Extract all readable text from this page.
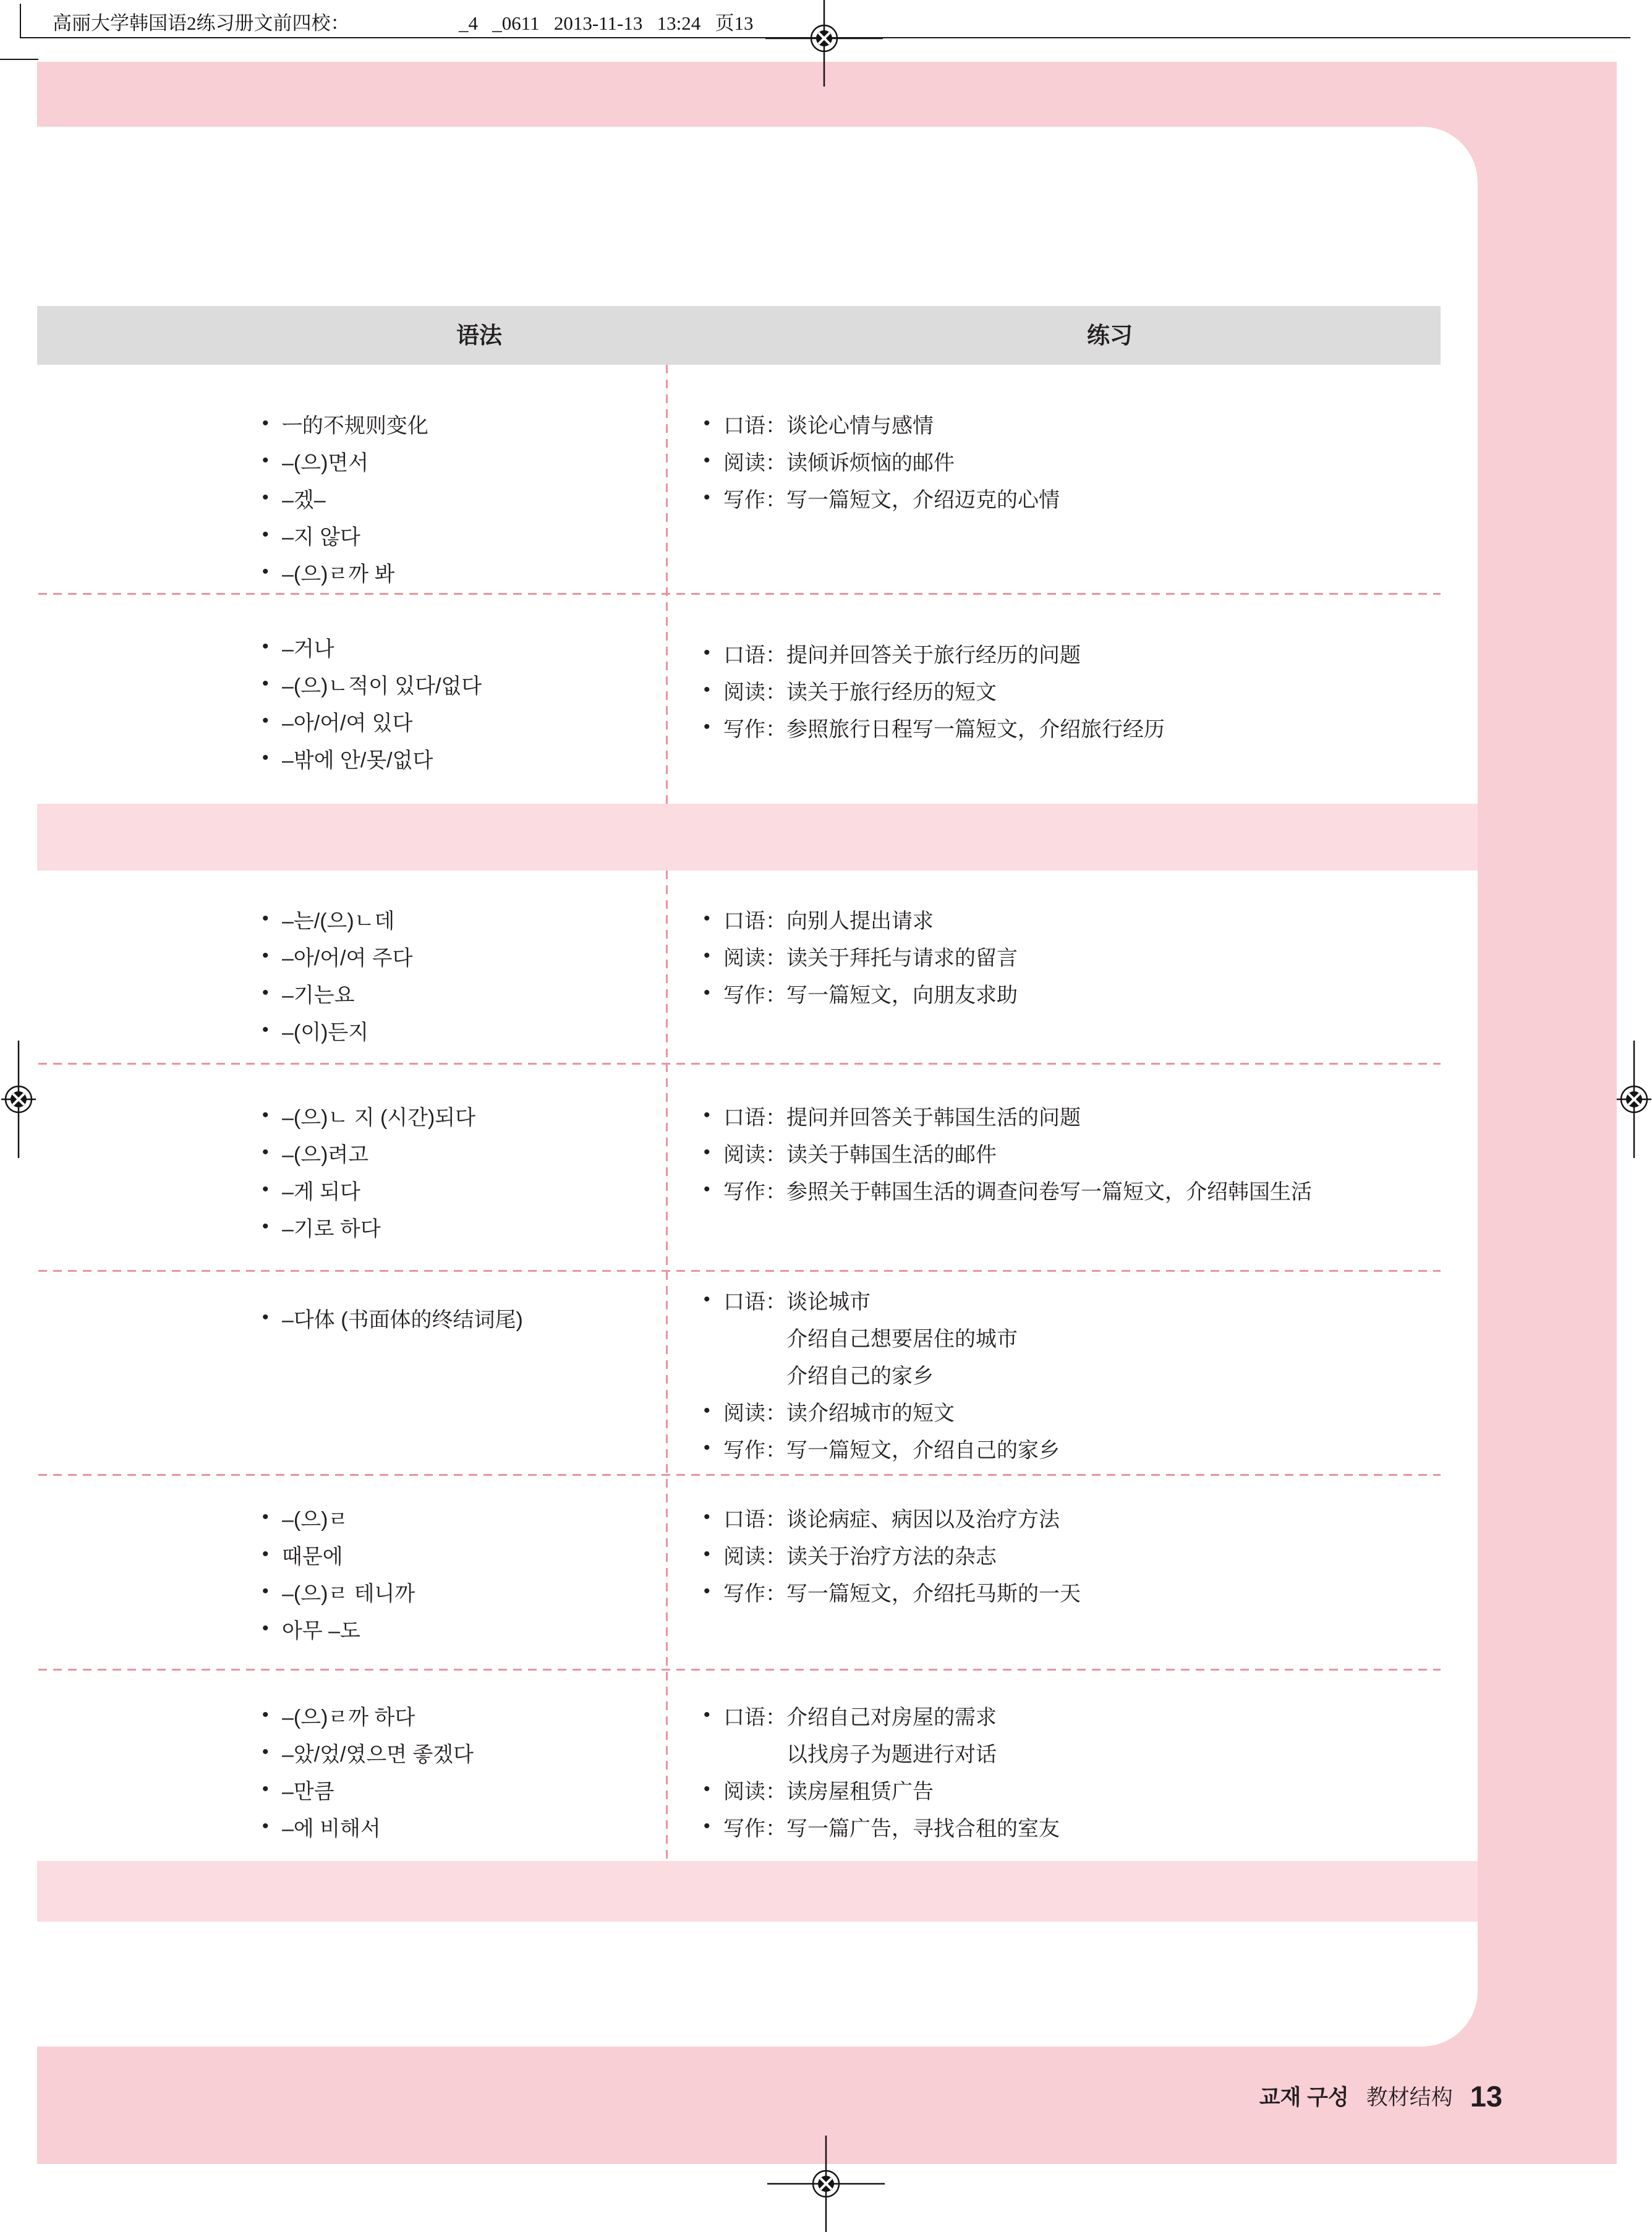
高丽大学韩国语2练习册文前四校：	_4   _0611   2013-11-13   13:24   页13
语法	练习
• ㅡ的不规则变化
• –(으)면서
• –겠–
• –지 않다
• –(으)ㄹ까 봐
• 口语：谈论心情与感情
• 阅读：读倾诉烦恼的邮件
• 写作：写一篇短文，介绍迈克的心情
• –거나
• –(으)ㄴ적이 있다/없다
• –아/어/여 있다
• –밖에 안/못/없다
• 口语：提问并回答关于旅行经历的问题
• 阅读：读关于旅行经历的短文
• 写作：参照旅行日程写一篇短文，介绍旅行经历
• –는/(으)ㄴ데
• –아/어/여 주다
• –기는요
• –(이)든지
• 口语：向别人提出请求
• 阅读：读关于拜托与请求的留言
• 写作：写一篇短文，向朋友求助
• –(으)ㄴ 지 (시간)되다
• –(으)려고
• –게 되다
• –기로 하다
• 口语：提问并回答关于韩国生活的问题
• 阅读：读关于韩国生活的邮件
• 写作：参照关于韩国生活的调查问卷写一篇短文，介绍韩国生活
• –다体 (书面体的终结词尾)
• 口语：谈论城市
介绍自己想要居住的城市
介绍自己的家乡
• 阅读：读介绍城市的短文
• 写作：写一篇短文，介绍自己的家乡
• –(으)ㄹ
• 때문에
• –(으)ㄹ 테니까
• 아무 –도
• 口语：谈论病症、病因以及治疗方法
• 阅读：读关于治疗方法的杂志
• 写作：写一篇短文，介绍托马斯的一天
• –(으)ㄹ까 하다
• –았/었/였으면 좋겠다
• –만큼
• –에 비해서
• 口语：介绍自己对房屋的需求
以找房子为题进行对话
• 阅读：读房屋租赁广告
• 写作：写一篇广告，寻找合租的室友
교재 구성 教材结构 13
